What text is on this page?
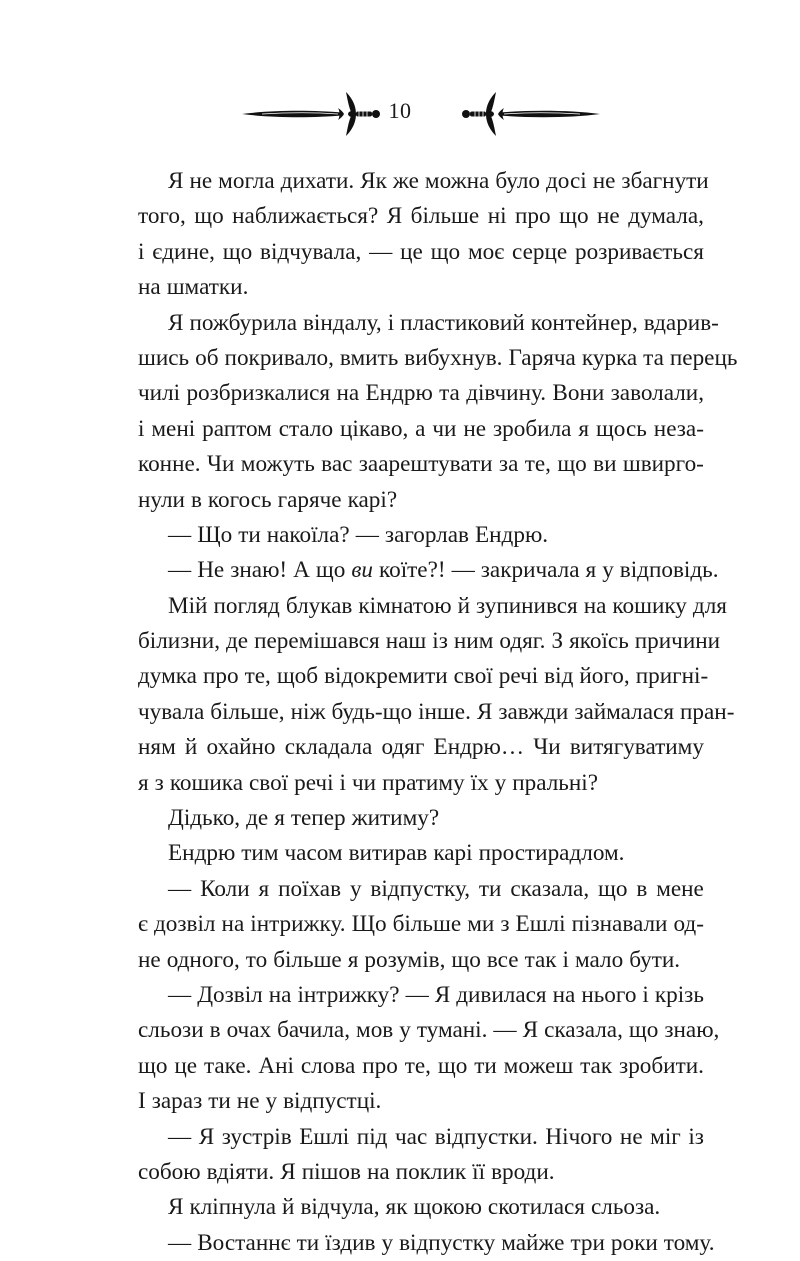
10
Я не могла дихати. Як же можна було досі не збагнути
того, що наближається? Я більше ні про що не думала,
і єдине, що відчувала, — це що моє серце розривається
на шматки.
Я пожбурила віндалу, і пластиковий контейнер, вдарив-
шись об покривало, вмить вибухнув. Гаряча курка та перець
чилі розбризкалися на Ендрю та дівчину. Вони заволали,
і мені раптом стало цікаво, а чи не зробила я щось неза-
конне. Чи можуть вас заарештувати за те, що ви швирго-
нули в когось гаряче карі?
— Що ти накоїла? — загорлав Ендрю.
— Не знаю! А що ви коїте?! — закричала я у відповідь.
Мій погляд блукав кімнатою й зупинився на кошику для
білизни, де перемішався наш із ним одяг. З якоїсь причини
думка про те, щоб відокремити свої речі від його, пригні-
чувала більше, ніж будь-що інше. Я завжди займалася пран-
ням й охайно складала одяг Ендрю… Чи витягуватиму
я з кошика свої речі і чи пратиму їх у пральні?
Дідько, де я тепер житиму?
Ендрю тим часом витирав карі простирадлом.
— Коли я поїхав у відпустку, ти сказала, що в мене
є дозвіл на інтрижку. Що більше ми з Ешлі пізнавали од-
не одного, то більше я розумів, що все так і мало бути.
— Дозвіл на інтрижку? — Я дивилася на нього і крізь
сльози в очах бачила, мов у тумані. — Я сказала, що знаю,
що це таке. Ані слова про те, що ти можеш так зробити.
І зараз ти не у відпустці.
— Я зустрів Ешлі під час відпустки. Нічого не міг із
собою вдіяти. Я пішов на поклик її вроди.
Я кліпнула й відчула, як щокою скотилася сльоза.
— Востаннє ти їздив у відпустку майже три роки тому.
